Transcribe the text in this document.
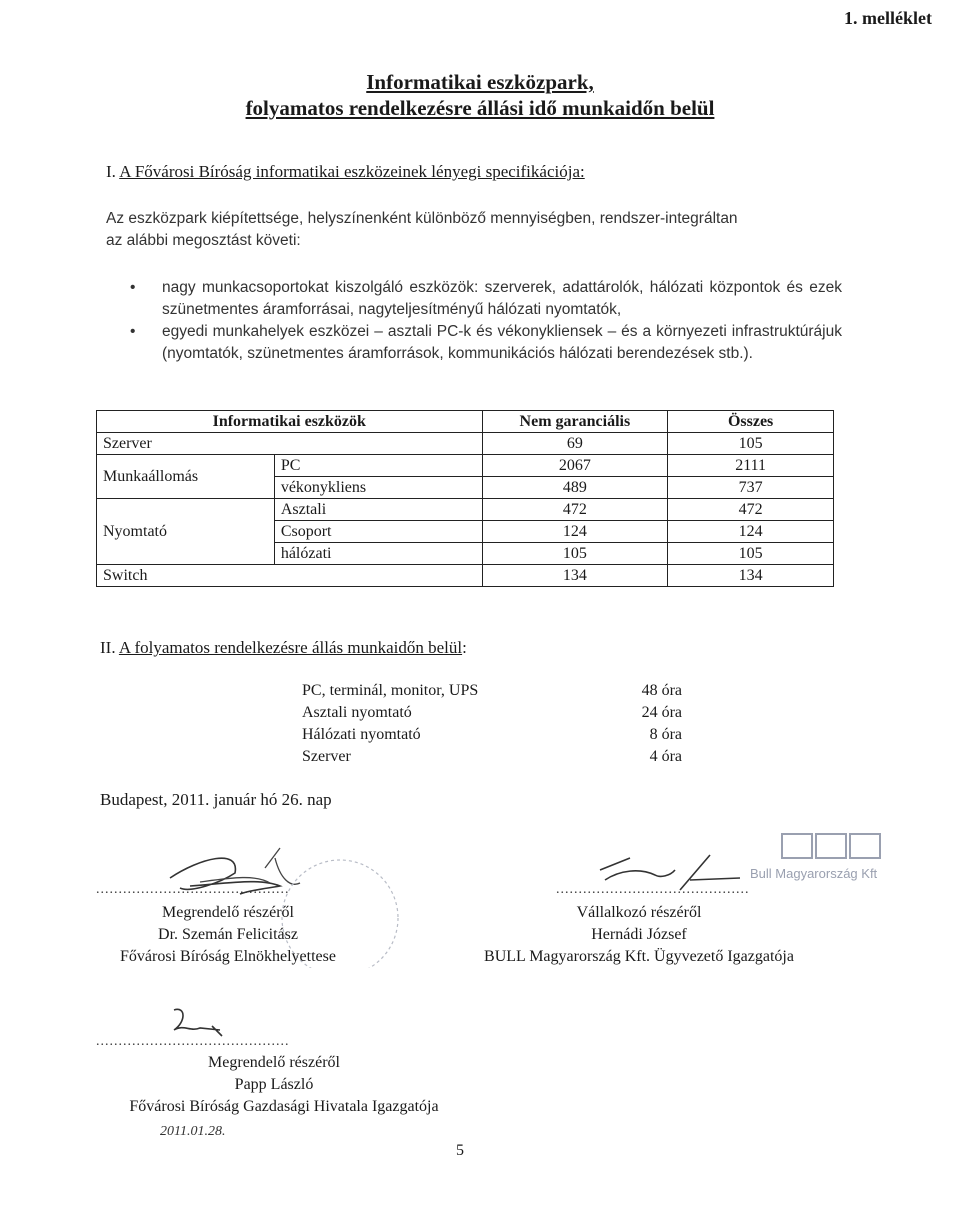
1. melléklet
Informatikai eszközpark,
folyamatos rendelkezésre állási idő munkaidőn belül
I. A Fővárosi Bíróság informatikai eszközeinek lényegi specifikációja:
Az eszközpark kiépítettsége, helyszínenként különböző mennyiségben, rendszer-integráltan
az alábbi megosztást követi:
• nagy munkacsoportokat kiszolgáló eszközök: szerverek, adattárolók, hálózati központok és ezek szünetmentes áramforrásai, nagyteljesítményű hálózati nyomtatók,
• egyedi munkahelyek eszközei – asztali PC-k és vékonykliensek – és a környezeti infrastruktúrájuk (nyomtatók, szünetmentes áramforrások, kommunikációs hálózati berendezések stb.).
Informatikai eszközök		Nem garanciális	Összes
Szerver		69	105
Munkaállomás	PC	2067	2111
	vékonykliens	489	737
Nyomtató	Asztali	472	472
	Csoport	124	124
	hálózati	105	105
Switch		134	134
II. A folyamatos rendelkezésre állás munkaidőn belül:
PC, terminál, monitor, UPS	48 óra
Asztali nyomtató	24 óra
Hálózati nyomtató	8 óra
Szerver	4 óra
Budapest, 2011. január hó 26. nap
...........................................
Megrendelő részéről
Dr. Szemán Felicitász
Fővárosi Bíróság Elnökhelyettese
Bull Magyarország Kft
...........................................
Vállalkozó részéről
Hernádi József
BULL Magyarország Kft. Ügyvezető Igazgatója
...........................................
Megrendelő részéről
Papp László
Fővárosi Bíróság Gazdasági Hivatala Igazgatója
2011.01.28.
5
